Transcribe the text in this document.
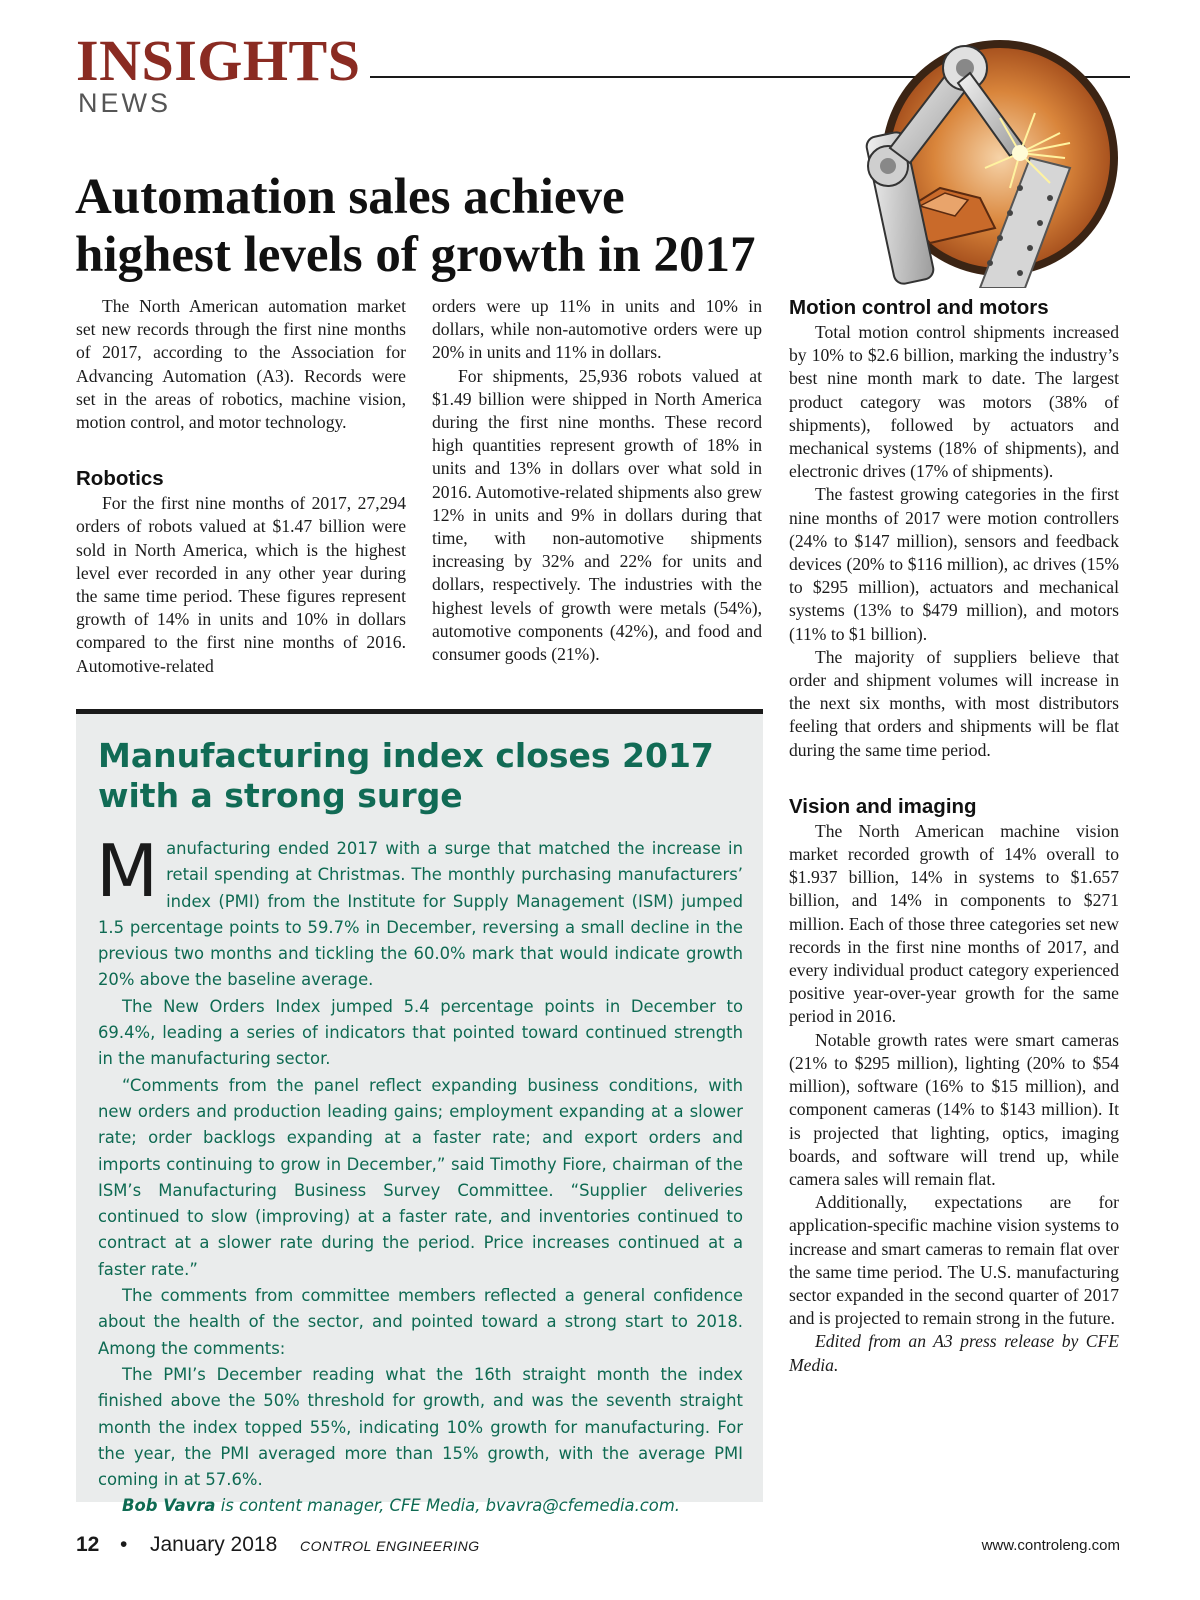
INSIGHTS
NEWS
Automation sales achieve
highest levels of growth in 2017

The North American automation market set new records through the first nine months of 2017, according to the Association for Advancing Automation (A3). Records were set in the areas of robotics, machine vision, motion control, and motor technology.

Robotics

For the first nine months of 2017, 27,294 orders of robots valued at $1.47 billion were sold in North America, which is the highest level ever recorded in any other year during the same time period. These figures represent growth of 14% in units and 10% in dollars compared to the first nine months of 2016. Automotive-related

orders were up 11% in units and 10% in dollars, while non-automotive orders were up 20% in units and 11% in dollars.

For shipments, 25,936 robots valued at $1.49 billion were shipped in North America during the first nine months. These record high quantities represent growth of 18% in units and 13% in dollars over what sold in 2016. Automotive-related shipments also grew 12% in units and 9% in dollars during that time, with non-automotive shipments increasing by 32% and 22% for units and dollars, respectively. The industries with the highest levels of growth were metals (54%), automotive components (42%), and food and consumer goods (21%).

Motion control and motors

Total motion control shipments increased by 10% to $2.6 billion, marking the industry’s best nine month mark to date. The largest product category was motors (38% of shipments), followed by actuators and mechanical systems (18% of shipments), and electronic drives (17% of shipments).

The fastest growing categories in the first nine months of 2017 were motion controllers (24% to $147 million), sensors and feedback devices (20% to $116 million), ac drives (15% to $295 million), actuators and mechanical systems (13% to $479 million), and motors (11% to $1 billion).

The majority of suppliers believe that order and shipment volumes will increase in the next six months, with most distributors feeling that orders and shipments will be flat during the same time period.

Vision and imaging

The North American machine vision market recorded growth of 14% overall to $1.937 billion, 14% in systems to $1.657 billion, and 14% in components to $271 million. Each of those three categories set new records in the first nine months of 2017, and every individual product category experienced positive year-over-year growth for the same period in 2016.

Notable growth rates were smart cameras (21% to $295 million), lighting (20% to $54 million), software (16% to $15 million), and component cameras (14% to $143 million). It is projected that lighting, optics, imaging boards, and software will trend up, while camera sales will remain flat.

Additionally, expectations are for application-specific machine vision systems to increase and smart cameras to remain flat over the same time period. The U.S. manufacturing sector expanded in the second quarter of 2017 and is projected to remain strong in the future.

Edited from an A3 press release by CFE Media.

Manufacturing index closes 2017
with a strong surge

Manufacturing ended 2017 with a surge that matched the increase in retail spending at Christmas. The monthly purchasing manufacturers’ index (PMI) from the Institute for Supply Management (ISM) jumped 1.5 percentage points to 59.7% in December, reversing a small decline in the previous two months and tickling the 60.0% mark that would indicate growth 20% above the baseline average.

The New Orders Index jumped 5.4 percentage points in December to 69.4%, leading a series of indicators that pointed toward continued strength in the manufacturing sector.

“Comments from the panel reflect expanding business conditions, with new orders and production leading gains; employment expanding at a slower rate; order backlogs expanding at a faster rate; and export orders and imports continuing to grow in December,” said Timothy Fiore, chairman of the ISM’s Manufacturing Business Survey Committee. “Supplier deliveries continued to slow (improving) at a faster rate, and inventories continued to contract at a slower rate during the period. Price increases continued at a faster rate.”

The comments from committee members reflected a general confidence about the health of the sector, and pointed toward a strong start to 2018. Among the comments:

The PMI’s December reading what the 16th straight month the index finished above the 50% threshold for growth, and was the seventh straight month the index topped 55%, indicating 10% growth for manufacturing. For the year, the PMI averaged more than 15% growth, with the average PMI coming in at 57.6%.

Bob Vavra is content manager, CFE Media, bvavra@cfemedia.com.

12 • January 2018 CONTROL ENGINEERING	www.controleng.com
